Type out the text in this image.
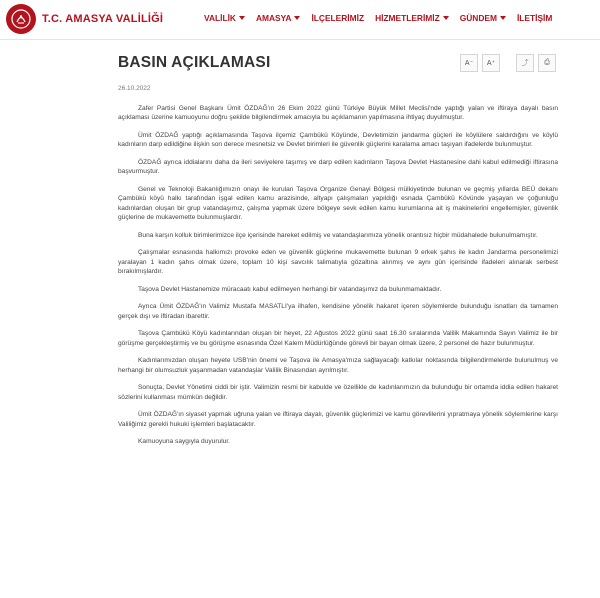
T.C. AMASYA VALİLİĞİ	VALİLİK AMASYA İLÇELERİMİZ HİZMETLERİMİZ GÜNDEM İLETİŞİM
BASIN AÇIKLAMASI	A⁻	A⁺	⤴	⎙
26.10.2022

Zafer Partisi Genel Başkanı Ümit ÖZDAĞ'ın 26 Ekim 2022 günü Türkiye Büyük Millet Meclisi'nde yaptığı yalan ve iftiraya dayalı basın açıklaması üzerine kamuoyunu doğru şekilde bilgilendirmek amacıyla bu açıklamanın yapılmasına ihtiyaç duyulmuştur.

Ümit ÖZDAĞ yaptığı açıklamasında Taşova ilçemiz Çambükü Köyünde, Devletimizin jandarma güçleri ile köylülere saldırdığını ve köylü kadınların darp edildiğine ilişkin son derece mesnetsiz ve Devlet birimleri ile güvenlik güçlerini karalama amacı taşıyan ifadelerde bulunmuştur.

ÖZDAĞ ayrıca iddialarını daha da ileri seviyelere taşımış ve darp edilen kadınların Taşova Devlet Hastanesine dahi kabul edilmediği iftirasına başvurmuştur.

Genel ve Teknoloji Bakanlığımızın onayı ile kurulan Taşova Organize Genayi Bölgesi mülkiyetinde bulunan ve geçmiş yıllarda BEÜ dekanı Çambükü köyü halkı tarafından işgal edilen kamu arazisinde, altyapı çalışmaları yapıldığı esnada Çambükü Kövünde yaşayan ve çoğunluğu kadınlardan oluşan bir grup vatandaşımız, çalışma yapmak üzere bölgeye sevk edilen kamu kurumlarına ait iş makinelerini engellemişler, güvenlik güçlerine de mukavemette bulunmuşlardır.

Buna karşın kolluk birimlerimizce ilçe içerisinde hareket edilmiş ve vatandaşlarımıza yönelik orantısız hiçbir müdahalede bulunulmamıştır.

Çalışmalar esnasında halkımızı provoke eden ve güvenlik güçlerine mukavemette bulunan 9 erkek şahıs ile kadın Jandarma personelimizi yaralayan 1 kadın şahıs olmak üzere, toplam 10 kişi savcılık talimatıyla gözaltına alınmış ve aynı gün içerisinde ifadeleri alınarak serbest bırakılmışlardır.

Taşova Devlet Hastanemize müracaatı kabul edilmeyen herhangi bir vatandaşımız da bulunmamaktadır.

Ayrıca Ümit ÖZDAĞ'ın Valimiz Mustafa MASATLI'ya ilhafen, kendisine yönelik hakaret içeren söylemlerde bulunduğu isnatları da tamamen gerçek dışı ve iftiradan ibarettir.

Taşova Çambükü Köyü kadınlarından oluşan bir heyet, 22 Ağustos 2022 günü saat 16.30 sıralarında Valilik Makamında Sayın Valimiz ile bir görüşme gerçekleştirmiş ve bu görüşme esnasında Özel Kalem Müdürlüğünde görevli bir bayan olmak üzere, 2 personel de hazır bulunmuştur.

Kadınlarımızdan oluşan heyete USB'nin önemi ve Taşova ile Amasya'mıza sağlayacağı katkılar noktasında bilgilendirmelerde bulunulmuş ve herhangi bir olumsuzluk yaşanmadan vatandaşlar Valilik Binasından ayrılmıştır.

Sonuçta, Devlet Yönetimi ciddi bir iştir. Valimizin resmi bir kabulde ve özellikle de kadınlarımızın da bulunduğu bir ortamda iddia edilen hakaret sözlerini kullanması mümkün değildir.

Ümit ÖZDAĞ'ın siyaset yapmak uğruna yalan ve iftiraya dayalı, güvenlik güçlerimizi ve kamu görevlilerini yıpratmaya yönelik söylemlerine karşı Valiliğimiz gerekli hukuki işlemleri başlatacaktır.

Kamuoyuna saygıyla duyurulur.
